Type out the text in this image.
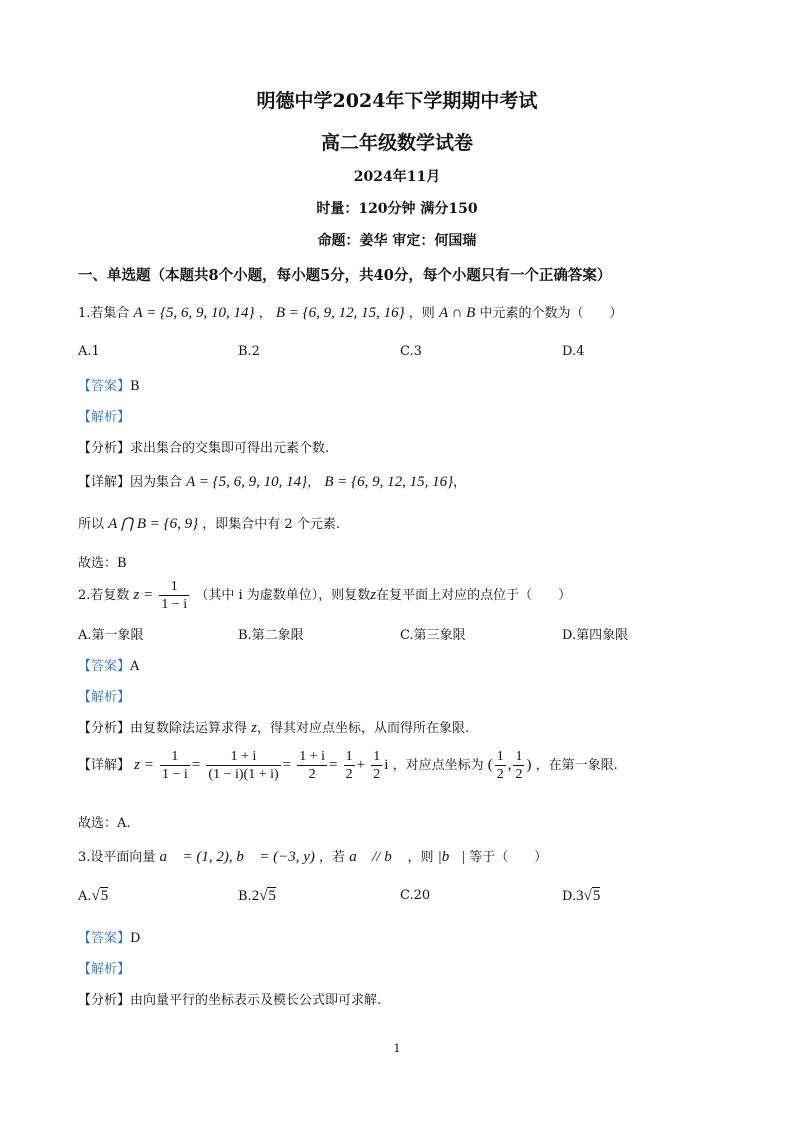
明德中学2024年下学期期中考试
高二年级数学试卷
2024年11月
时量：120分钟 满分150
命题：姜华 审定：何国瑞
一、单选题（本题共8个小题，每小题5分，共40分，每个小题只有一个正确答案）
1.若集合 A = {5, 6, 9, 10, 14} ， B = {6, 9, 12, 15, 16} ，则 A ∩ B 中元素的个数为（　　）
A.1	B.2	C.3	D.4
【答案】B
【解析】
【分析】求出集合的交集即可得出元素个数.
【详解】因为集合 A = {5, 6, 9, 10, 14}， B = {6, 9, 12, 15, 16}，
所以 A ⋂ B = {6, 9} ，即集合中有 2 个元素.
故选：B
2.若复数 $z = \frac{1}{1 - i}$ （其中 i 为虚数单位），则复数z在复平面上对应的点位于（　　）
A.第一象限	B.第二象限	C.第三象限	D.第四象限
【答案】A
【解析】
【分析】由复数除法运算求得 z，得其对应点坐标，从而得所在象限.
【详解】 $z = \frac{1}{1 - i} = \frac{1 + i}{(1 - i)(1 + i)} = \frac{1 + i}{2} = \frac{1}{2} + \frac{1}{2}$ i ，对应点坐标为 ( $\frac{1}{2}$ , $\frac{1}{2}$ ) ，在第一象限.
故选：A.
3.设平面向量 a⃗ = (1, 2), b⃗ = (−3, y) ，若 a⃗ // b⃗ ，则 |b⃗| 等于（　　）
A.√5	B.2√5	C.20	D.3√5
【答案】D
【解析】
【分析】由向量平行的坐标表示及模长公式即可求解.
1
